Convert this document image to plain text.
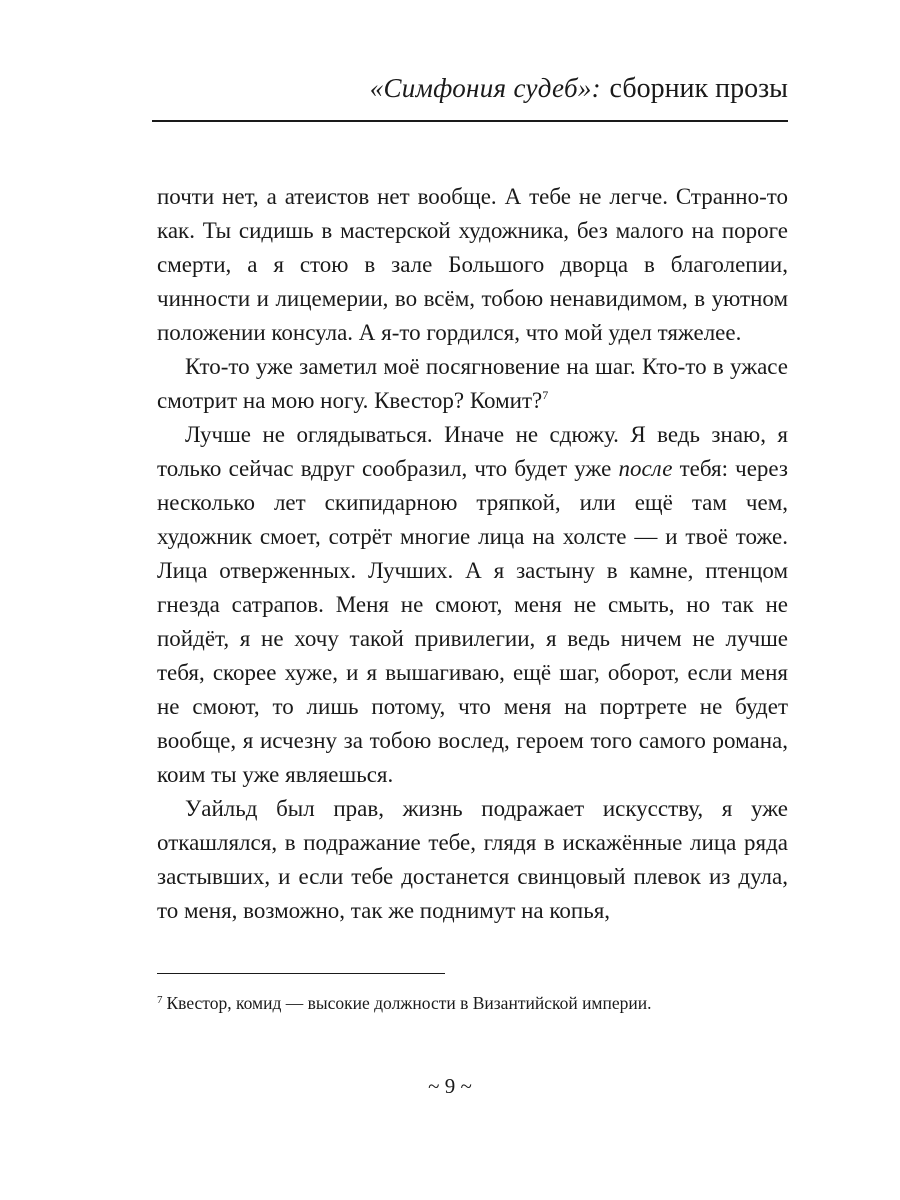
«Симфония судеб»: сборник прозы

почти нет, а атеистов нет вообще. А тебе не легче. Странно-то как. Ты сидишь в мастерской художника, без малого на пороге смерти, а я стою в зале Большого дворца в благолепии, чинности и лицемерии, во всём, тобою ненавидимом, в уютном положении консула. А я-то гордился, что мой удел тяжелее.

Кто-то уже заметил моё посягновение на шаг. Кто-то в ужасе смотрит на мою ногу. Квестор? Комит?$^7$

Лучше не оглядываться. Иначе не сдюжу. Я ведь знаю, я только сейчас вдруг сообразил, что будет уже после тебя: через несколько лет скипидарною тряпкой, или ещё там чем, художник смоет, сотрёт многие лица на холсте — и твоё тоже. Лица отверженных. Лучших. А я застыну в камне, птенцом гнезда сатрапов. Меня не смоют, меня не смыть, но так не пойдёт, я не хочу такой привилегии, я ведь ничем не лучше тебя, скорее хуже, и я вышагиваю, ещё шаг, оборот, если меня не смоют, то лишь потому, что меня на портрете не будет вообще, я исчезну за тобою вослед, героем того самого романа, коим ты уже являешься.

Уайльд был прав, жизнь подражает искусству, я уже откашлялся, в подражание тебе, глядя в искажённые лица ряда застывших, и если тебе достанется свинцовый плевок из дула, то меня, возможно, так же поднимут на копья,

$^7$ Квестор, комид — высокие должности в Византийской империи.
~ 9 ~
